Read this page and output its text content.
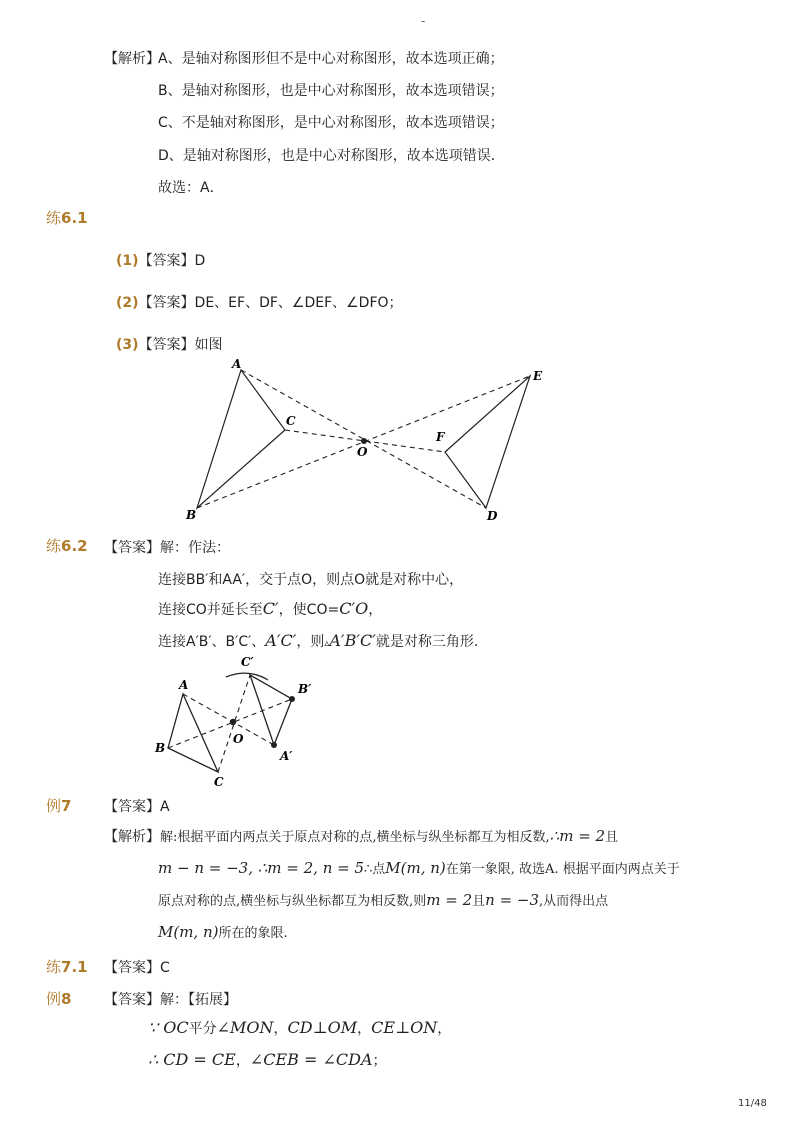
-
【解析】
A、是轴对称图形但不是中心对称图形，故本选项正确；
B、是轴对称图形，也是中心对称图形，故本选项错误；
C、不是轴对称图形，是中心对称图形，故本选项错误；
D、是轴对称图形，也是中心对称图形，故本选项错误．
故选：A．
练6.1
(1)【答案】D
(2)【答案】DE、EF、DF、∠DEF、∠DFO；
(3)【答案】如图
A
B
C
O
F
E
D
练6.2 【答案】解：作法：
连接BB′和AA′，交于点O，则点O就是对称中心，
连接CO并延长至C′，使CO=C′O，
连接A′B′、B′C′、A′C′，则▵A′B′C′就是对称三角形．
A
B
C
O
C′
B′
A′
例7 【答案】A
【解析】解:根据平面内两点关于原点对称的点,横坐标与纵坐标都互为相反数,∴m = 2且
m − n = −3, ∴m = 2, n = 5∴点M(m, n)在第一象限, 故选A. 根据平面内两点关于
原点对称的点,横坐标与纵坐标都互为相反数,则m = 2且n = −3,从而得出点
M(m, n)所在的象限.
练7.1 【答案】C
例8 【答案】解：【拓展】
∵ OC平分∠MON，CD⊥OM，CE⊥ON，
∴ CD = CE，∠CEB = ∠CDA；
11/48
